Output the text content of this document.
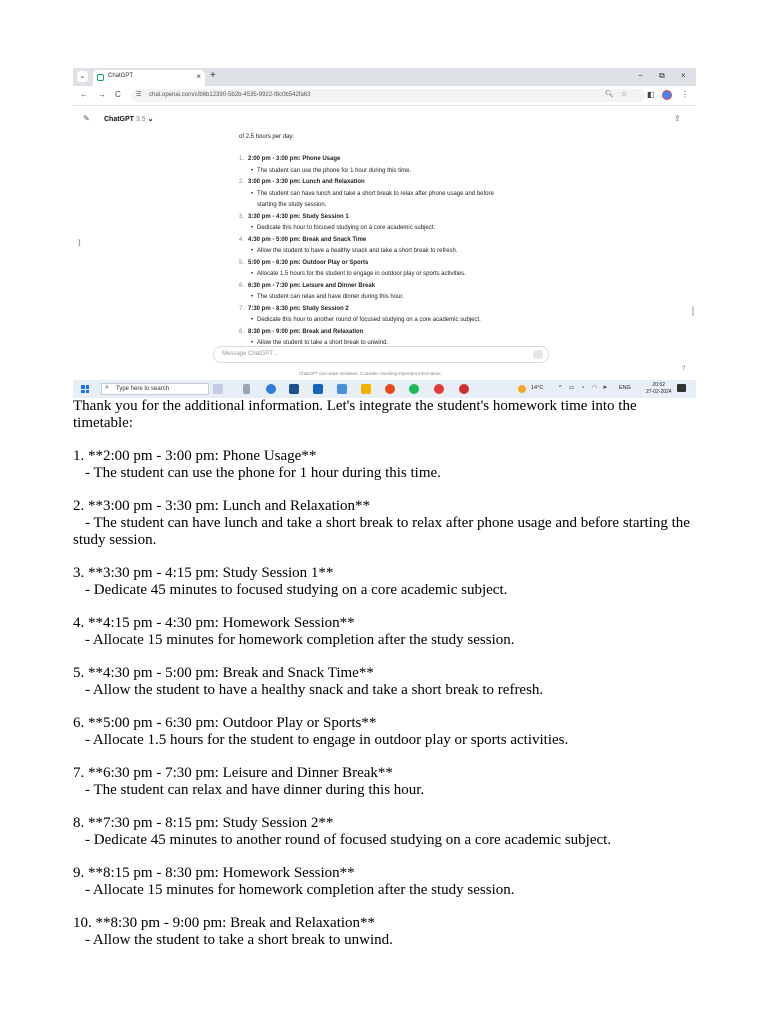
⌄	ChatGPT	× +	− ⧉ ×
← → C	☰ chat.openai.com/c/b6b12390-5b2b-4535-9922-f8c0b542fa63	🔍︎ ☆ ◧	⋮
✎ ChatGPT 3.5 ⌄	⇪
)
of 2.5 hours per day:
1. 2:00 pm - 3:00 pm: Phone Usage
• The student can use the phone for 1 hour during this time.
2. 3:00 pm - 3:30 pm: Lunch and Relaxation
• The student can have lunch and take a short break to relax after phone usage and before
starting the study session.
3. 3:30 pm - 4:30 pm: Study Session 1
• Dedicate this hour to focused studying on a core academic subject.
4. 4:30 pm - 5:00 pm: Break and Snack Time
• Allow the student to have a healthy snack and take a short break to refresh.
5. 5:00 pm - 6:30 pm: Outdoor Play or Sports
• Allocate 1.5 hours for the student to engage in outdoor play or sports activities.
6. 6:30 pm - 7:30 pm: Leisure and Dinner Break
• The student can relax and have dinner during this hour.
7. 7:30 pm - 8:30 pm: Study Session 2
• Dedicate this hour to another round of focused studying on a core academic subject.
8. 8:30 pm - 9:00 pm: Break and Relaxation
• Allow the student to take a short break to unwind.
Message ChatGPT…
ChatGPT can make mistakes. Consider checking important information.
?
⌕ Type here to search	14°C	^ ▭ ◔ ◠ 🕪︎ ENG	20:02
27-02-2024

Thank you for the additional information. Let's integrate the student's homework time into the timetable:

1. **2:00 pm - 3:00 pm: Phone Usage**
- The student can use the phone for 1 hour during this time.

2. **3:00 pm - 3:30 pm: Lunch and Relaxation**
- The student can have lunch and take a short break to relax after phone usage and before starting the study session.

3. **3:30 pm - 4:15 pm: Study Session 1**
- Dedicate 45 minutes to focused studying on a core academic subject.

4. **4:15 pm - 4:30 pm: Homework Session**
- Allocate 15 minutes for homework completion after the study session.

5. **4:30 pm - 5:00 pm: Break and Snack Time**
- Allow the student to have a healthy snack and take a short break to refresh.

6. **5:00 pm - 6:30 pm: Outdoor Play or Sports**
- Allocate 1.5 hours for the student to engage in outdoor play or sports activities.

7. **6:30 pm - 7:30 pm: Leisure and Dinner Break**
- The student can relax and have dinner during this hour.

8. **7:30 pm - 8:15 pm: Study Session 2**
- Dedicate 45 minutes to another round of focused studying on a core academic subject.

9. **8:15 pm - 8:30 pm: Homework Session**
- Allocate 15 minutes for homework completion after the study session.

10. **8:30 pm - 9:00 pm: Break and Relaxation**
- Allow the student to take a short break to unwind.
